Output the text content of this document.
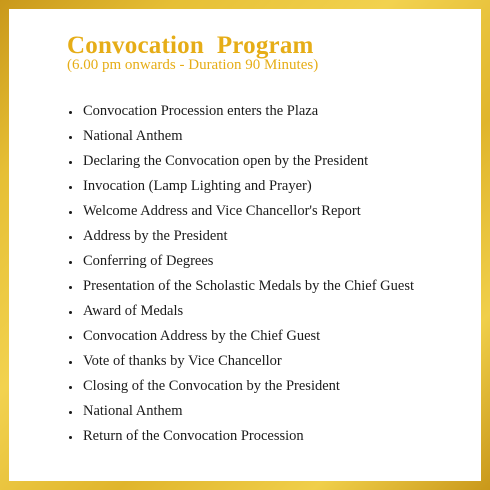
Convocation  Program

(6.00 pm onwards - Duration 90 Minutes)

Convocation Procession enters the Plaza
National Anthem
Declaring the Convocation open by the President
Invocation (Lamp Lighting and Prayer)
Welcome Address and Vice Chancellor's Report
Address by the President
Conferring of Degrees
Presentation of the Scholastic Medals by the Chief Guest
Award of Medals
Convocation Address by the Chief Guest
Vote of thanks by Vice Chancellor
Closing of the Convocation by the President
National Anthem
Return of the Convocation Procession
